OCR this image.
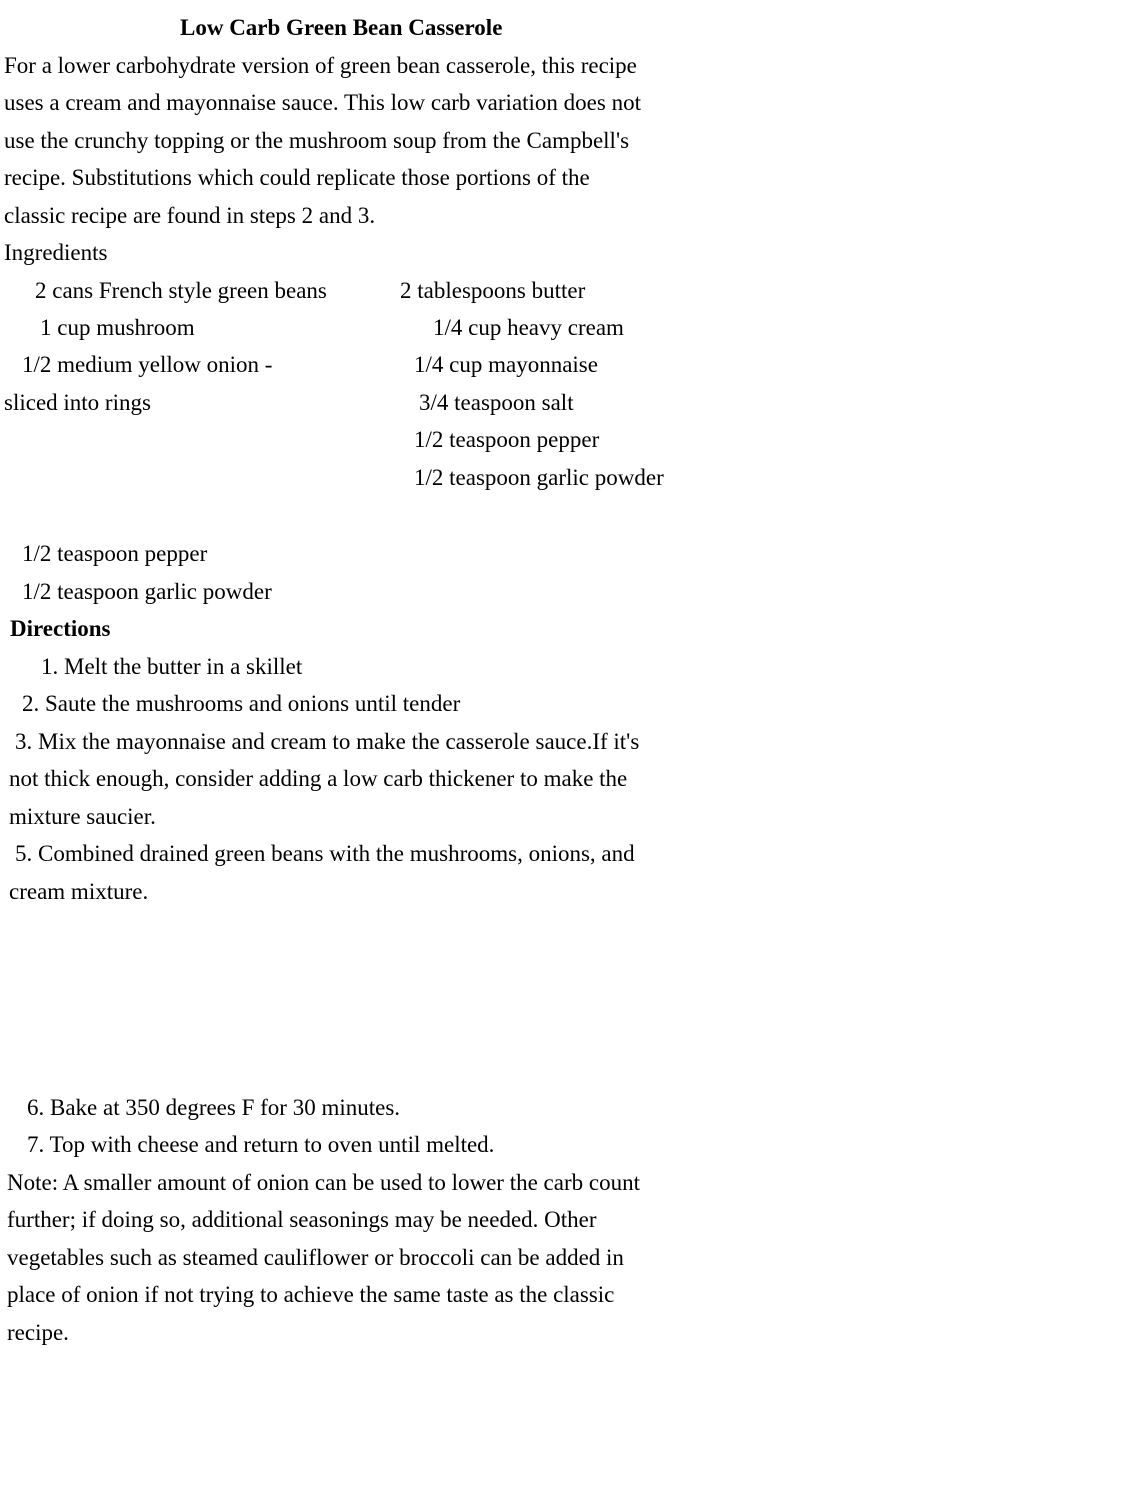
Low Carb Green Bean Casserole
For a lower carbohydrate version of green bean casserole, this recipe
uses a cream and mayonnaise sauce. This low carb variation does not
use the crunchy topping or the mushroom soup from the Campbell's
recipe. Substitutions which could replicate those portions of the
classic recipe are found in steps 2 and 3.
Ingredients
2 cans French style green beans
1 cup mushroom
1/2 medium yellow onion -
sliced into rings
2 tablespoons butter
1/4 cup heavy cream
1/4 cup mayonnaise
3/4 teaspoon salt
1/2 teaspoon pepper
1/2 teaspoon garlic powder
1/2 teaspoon pepper
1/2 teaspoon garlic powder
Directions
1. Melt the butter in a skillet
2. Saute the mushrooms and onions until tender
3. Mix the mayonnaise and cream to make the casserole sauce.If it's
not thick enough, consider adding a low carb thickener to make the
mixture saucier.
5. Combined drained green beans with the mushrooms, onions, and
cream mixture.
6. Bake at 350 degrees F for 30 minutes.
7. Top with cheese and return to oven until melted.
Note: A smaller amount of onion can be used to lower the carb count
further; if doing so, additional seasonings may be needed. Other
vegetables such as steamed cauliflower or broccoli can be added in
place of onion if not trying to achieve the same taste as the classic
recipe.
